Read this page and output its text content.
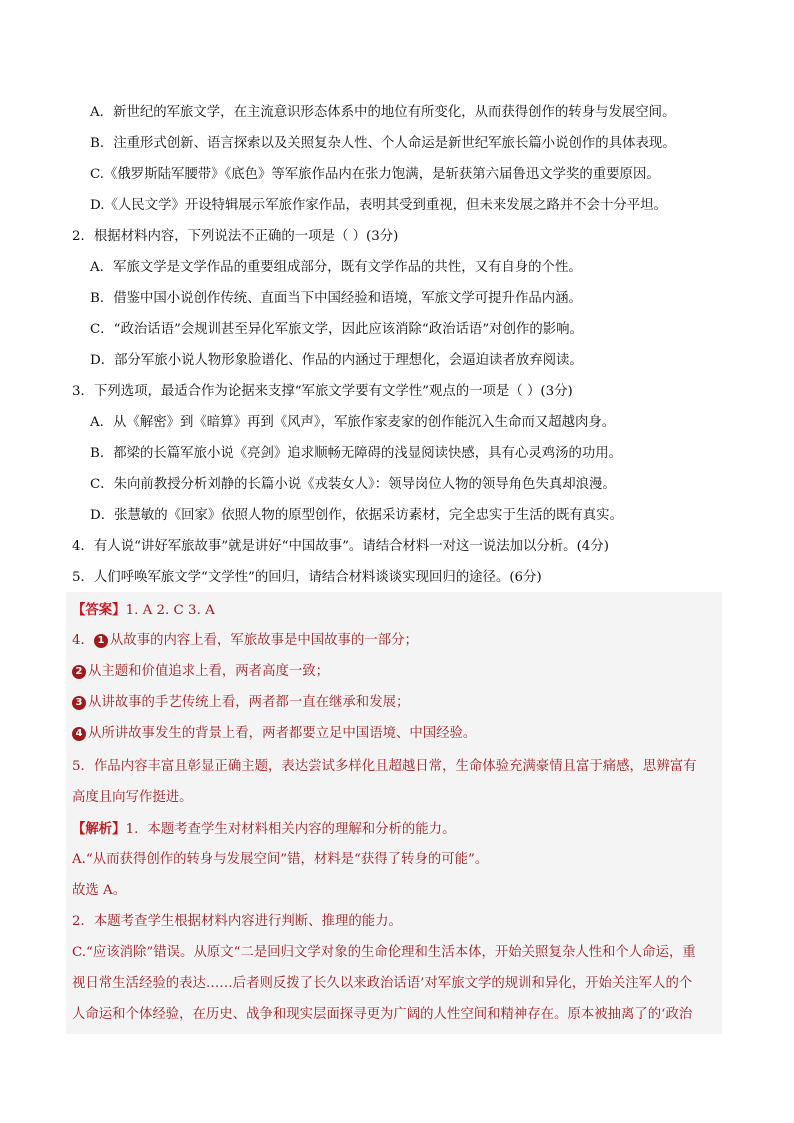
A．新世纪的军旅文学，在主流意识形态体系中的地位有所变化，从而获得创作的转身与发展空间。
B．注重形式创新、语言探索以及关照复杂人性、个人命运是新世纪军旅长篇小说创作的具体表现。
C.《俄罗斯陆军腰带》《底色》等军旅作品内在张力饱满，是斩获第六届鲁迅文学奖的重要原因。
D.《人民文学》开设特辑展示军旅作家作品，表明其受到重视，但未来发展之路并不会十分平坦。
2．根据材料内容，下列说法不正确的一项是（ ）(3分)
A．军旅文学是文学作品的重要组成部分，既有文学作品的共性，又有自身的个性。
B．借鉴中国小说创作传统、直面当下中国经验和语境，军旅文学可提升作品内涵。
C．“政治话语”会规训甚至异化军旅文学，因此应该消除“政治话语”对创作的影响。
D．部分军旅小说人物形象脸谱化、作品的内涵过于理想化，会逼迫读者放弃阅读。
3．下列选项，最适合作为论据来支撑“军旅文学要有文学性”观点的一项是（ ）(3分)
A．从《解密》到《暗算》再到《风声》，军旅作家麦家的创作能沉入生命而又超越肉身。
B．都梁的长篇军旅小说《亮剑》追求顺畅无障碍的浅显阅读快感，具有心灵鸡汤的功用。
C．朱向前教授分析刘静的长篇小说《戎装女人》：领导岗位人物的领导角色失真却浪漫。
D．张慧敏的《回家》依照人物的原型创作，依据采访素材，完全忠实于生活的既有真实。
4．有人说“讲好军旅故事”就是讲好“中国故事”。请结合材料一对这一说法加以分析。(4分)
5．人们呼唤军旅文学“文学性”的回归，请结合材料谈谈实现回归的途径。(6分)
【答案】1. A 2. C 3. A
4． 1 从故事的内容上看，军旅故事是中国故事的一部分；
2 从主题和价值追求上看，两者高度一致；
3 从讲故事的手艺传统上看，两者都一直在继承和发展；
4 从所讲故事发生的背景上看，两者都要立足中国语境、中国经验。
5．作品内容丰富且彰显正确主题，表达尝试多样化且超越日常，生命体验充满豪情且富于痛感，思辨富有
高度且向写作挺进。
【解析】1．本题考查学生对材料相关内容的理解和分析的能力。
A.“从而获得创作的转身与发展空间”错，材料是“获得了转身的可能”。
故选 A。
2．本题考查学生根据材料内容进行判断、推理的能力。
C.“应该消除”错误。从原文“二是回归文学对象的生命伦理和生活本体，开始关照复杂人性和个人命运，重
视日常生活经验的表达……后者则反拨了长久以来政治话语’对军旅文学的规训和异化，开始关注军人的个
人命运和个体经验，在历史、战争和现实层面探寻更为广阔的人性空间和精神存在。原本被抽离了的‘政治
